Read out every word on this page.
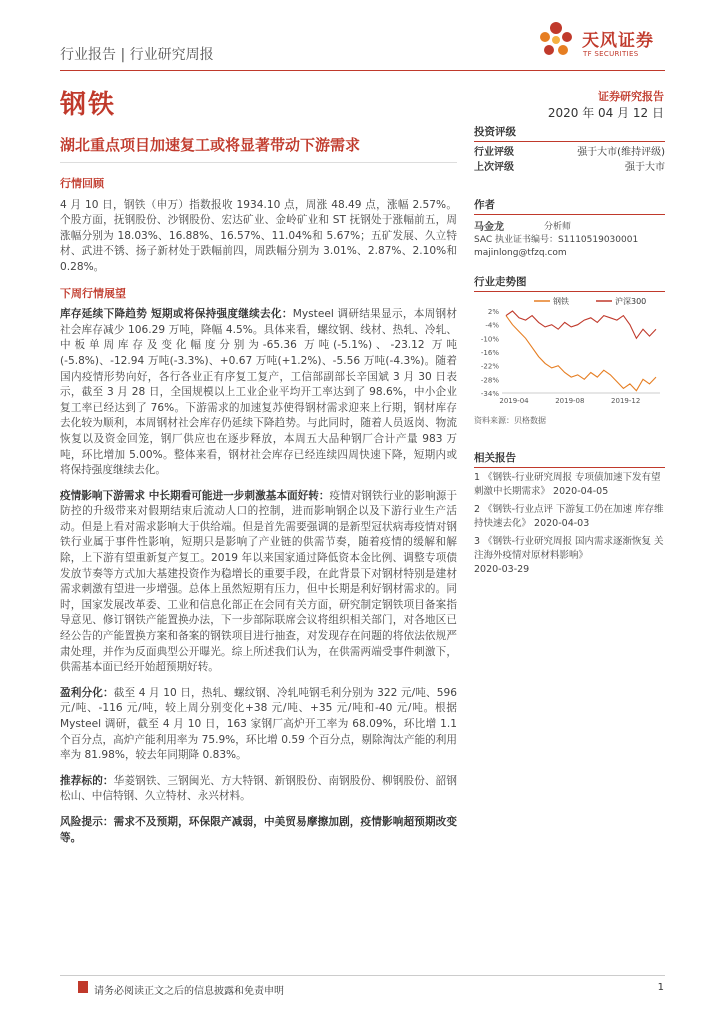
行业报告 | 行业研究周报
天风证券
TF SECURITIES
钢铁	证券研究报告
2020 年 04 月 12 日
湖北重点项目加速复工或将显著带动下游需求
行情回顾

4 月 10 日，钢铁（申万）指数报收 1934.10 点，周涨 48.49 点，涨幅 2.57%。个股方面，抚钢股份、沙钢股份、宏达矿业、金岭矿业和 ST 抚钢处于涨幅前五，周涨幅分别为 18.03%、16.88%、16.57%、11.04%和 5.67%；五矿发展、久立特材、武进不锈、扬子新材处于跌幅前四，周跌幅分别为 3.01%、2.87%、2.10%和 0.28%。

下周行情展望

库存延续下降趋势 短期或将保持强度继续去化：Mysteel 调研结果显示，本周钢材社会库存减少 106.29 万吨，降幅 4.5%。具体来看，螺纹钢、线材、热轧、冷轧、中板单周库存及变化幅度分别为-65.36 万吨(-5.1%)、-23.12 万吨(-5.8%)、-12.94 万吨(-3.3%)、+0.67 万吨(+1.2%)、-5.56 万吨(-4.3%)。随着国内疫情形势向好，各行各业正有序复工复产，工信部副部长辛国斌 3 月 30 日表示，截至 3 月 28 日，全国规模以上工业企业平均开工率达到了 98.6%，中小企业复工率已经达到了 76%。下游需求的加速复苏使得钢材需求迎来上行期，钢材库存去化较为顺利，本周钢材社会库存仍延续下降趋势。与此同时，随着人员返岗、物流恢复以及资金回笼，钢厂供应也在逐步释放，本周五大品种钢厂合计产量 983 万吨，环比增加 5.00%。整体来看，钢材社会库存已经连续四周快速下降，短期内或将保持强度继续去化。

疫情影响下游需求 中长期看可能进一步刺激基本面好转：疫情对钢铁行业的影响源于防控的升级带来对假期结束后流动人口的控制，进而影响钢企以及下游行业生产活动。但是上看对需求影响大于供给端。但是首先需要强调的是新型冠状病毒疫情对钢铁行业属于事件性影响，短期只是影响了产业链的供需节奏，随着疫情的缓解和解除，上下游有望重新复产复工。2019 年以来国家通过降低资本金比例、调整专项债发放节奏等方式加大基建投资作为稳增长的重要手段，在此背景下对钢材特别是建材需求刺激有望进一步增强。总体上虽然短期有压力，但中长期是利好钢材需求的。同时，国家发展改革委、工业和信息化部正在会同有关方面，研究制定钢铁项目备案指导意见、修订钢铁产能置换办法，下一步部际联席会议将组织相关部门，对各地区已经公告的产能置换方案和备案的钢铁项目进行抽查，对发现存在问题的将依法依规严肃处理，并作为反面典型公开曝光。综上所述我们认为，在供需两端受事件刺激下，供需基本面已经开始超预期好转。

盈利分化：截至 4 月 10 日，热轧、螺纹钢、冷轧吨钢毛利分别为 322 元/吨、596 元/吨、-116 元/吨，较上周分别变化+38 元/吨、+35 元/吨和-40 元/吨。根据 Mysteel 调研，截至 4 月 10 日，163 家钢厂高炉开工率为 68.09%，环比增 1.1 个百分点，高炉产能利用率为 75.9%，环比增 0.59 个百分点，剔除淘汰产能的利用率为 81.98%，较去年同期降 0.83%。

推荐标的：华菱钢铁、三钢闽光、方大特钢、新钢股份、南钢股份、柳钢股份、韶钢松山、中信特钢、久立特材、永兴材料。

风险提示：需求不及预期，环保限产减弱，中美贸易摩擦加剧，疫情影响超预期改变等。

投资评级
行业评级	强于大市(维持评级)
上次评级	强于大市
作者
马金龙	分析师
SAC 执业证书编号：S1110519030001
majinlong@tfzq.com
行业走势图
钢铁	沪深300
2%
-4%
-10%
-16%
-22%
-28%
-34%
2019-04	2019-08	2019-12
资料来源：贝格数据
相关报告
1 《钢铁-行业研究周报 专项债加速下发有望刺激中长期需求》 2020-04-05
2 《钢铁-行业点评 下游复工仍在加速 库存维持快速去化》 2020-04-03
3 《钢铁-行业研究周报 国内需求逐渐恢复 关注海外疫情对原材料影响》
2020-03-29
请务必阅读正文之后的信息披露和免责申明	1
